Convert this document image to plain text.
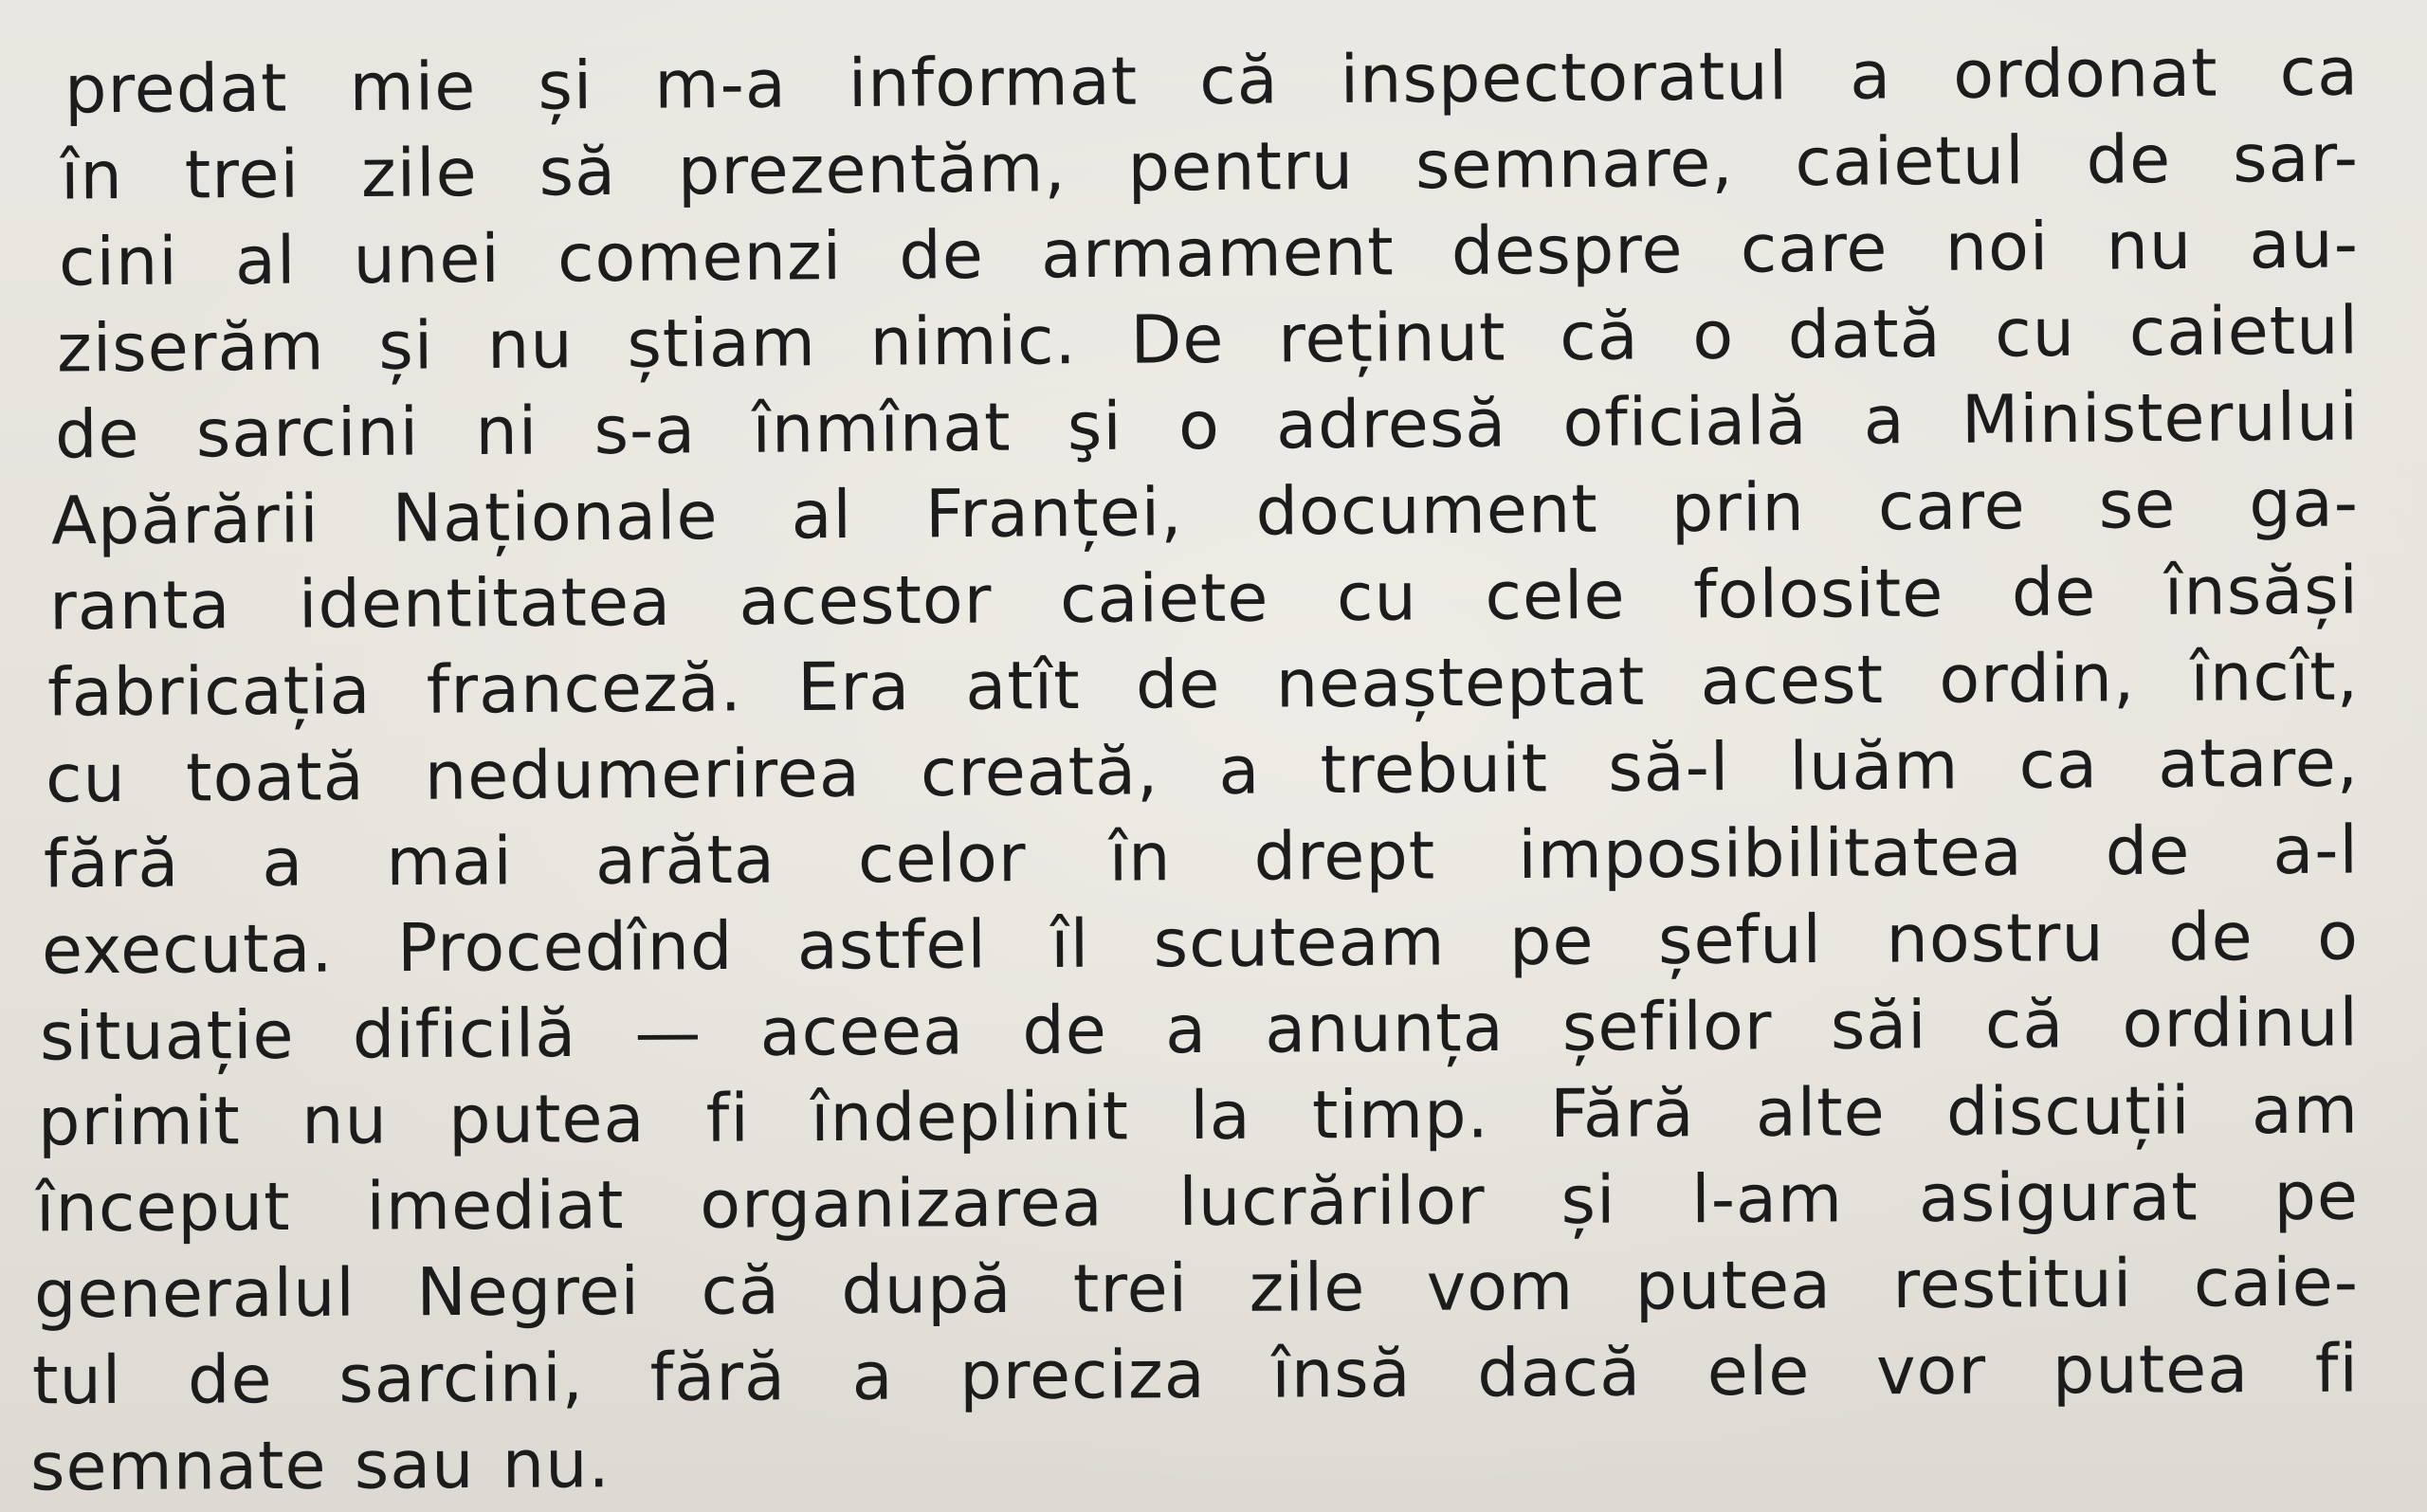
predat mie și m-a informat că inspectoratul a ordonat ca
în trei zile să prezentăm, pentru semnare, caietul de sar-
cini al unei comenzi de armament despre care noi nu au-
ziserăm și nu știam nimic. De reținut că o dată cu caietul
de sarcini ni s-a înmînat şi o adresă oficială a Ministerului
Apărării Naționale al Franței, document prin care se ga-
ranta identitatea acestor caiete cu cele folosite de însăși
fabricația franceză. Era atît de neașteptat acest ordin, încît,
cu toată nedumerirea creată, a trebuit să-l luăm ca atare,
fără a mai arăta celor în drept imposibilitatea de a-l
executa. Procedînd astfel îl scuteam pe șeful nostru de o
situație dificilă — aceea de a anunța șefilor săi că ordinul
primit nu putea fi îndeplinit la timp. Fără alte discuții am
început imediat organizarea lucrărilor și l-am asigurat pe
generalul Negrei că după trei zile vom putea restitui caie-
tul de sarcini, fără a preciza însă dacă ele vor putea fi
semnate sau nu.
